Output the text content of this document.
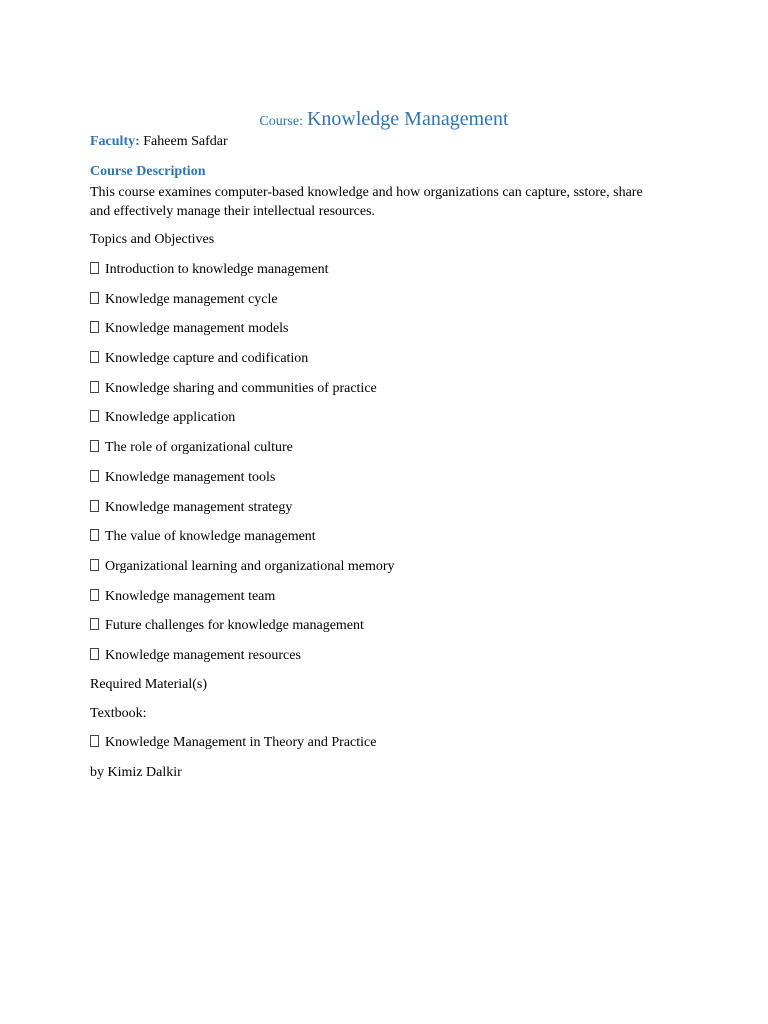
Course: Knowledge Management
Faculty: Faheem Safdar
Course Description
This course examines computer-based knowledge and how organizations can capture, sstore, share and effectively manage their intellectual resources.
Topics and Objectives
Introduction to knowledge management
Knowledge management cycle
Knowledge management models
Knowledge capture and codification
Knowledge sharing and communities of practice
Knowledge application
The role of organizational culture
Knowledge management tools
Knowledge management strategy
The value of knowledge management
Organizational learning and organizational memory
Knowledge management team
Future challenges for knowledge management
Knowledge management resources
Required Material(s)
Textbook:
Knowledge Management in Theory and Practice
by Kimiz Dalkir
